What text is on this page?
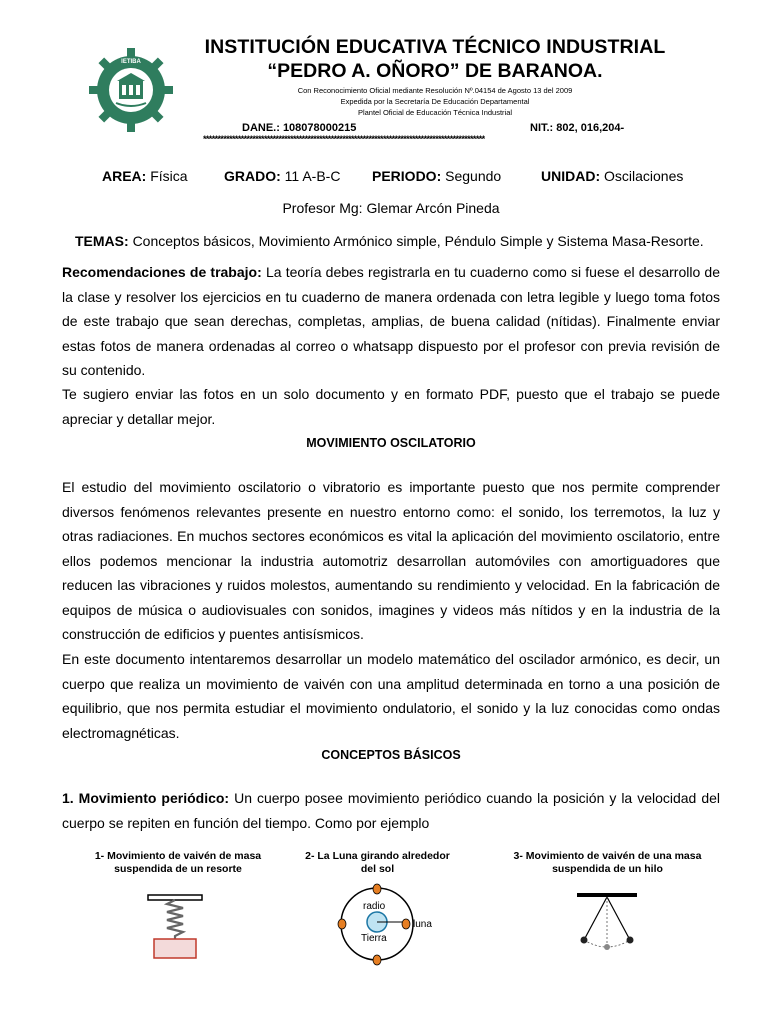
IETIBA
INSTITUCIÓN EDUCATIVA TÉCNICO INDUSTRIAL
“PEDRO A. OÑORO” DE BARANOA.
Con Reconocimiento Oficial mediante Resolución Nº.04154 de Agosto 13 del 2009
Expedida por la Secretaría De Educación Departamental
Plantel Oficial de Educación Técnica Industrial
DANE.: 108078000215	NIT.: 802, 016,204-
*************************************************************************************************
AREA: Física	GRADO: 11 A-B-C PERIODO: Segundo	UNIDAD: Oscilaciones
Profesor Mg: Glemar Arcón Pineda
TEMAS: Conceptos básicos, Movimiento Armónico simple, Péndulo Simple y Sistema Masa-Resorte.
Recomendaciones de trabajo: La teoría debes registrarla en tu cuaderno como si fuese el desarrollo de la clase y resolver los ejercicios en tu cuaderno de manera ordenada con letra legible y luego toma fotos de este trabajo que sean derechas, completas, amplias, de buena calidad (nítidas). Finalmente enviar estas fotos de manera ordenadas al correo o whatsapp dispuesto por el profesor con previa revisión de su contenido.
Te sugiero enviar las fotos en un solo documento y en formato PDF, puesto que el trabajo se puede apreciar y detallar mejor.
MOVIMIENTO OSCILATORIO
El estudio del movimiento oscilatorio o vibratorio es importante puesto que nos permite comprender diversos fenómenos relevantes presente en nuestro entorno como: el sonido, los terremotos, la luz y otras radiaciones. En muchos sectores económicos es vital la aplicación del movimiento oscilatorio, entre ellos podemos mencionar la industria automotriz desarrollan automóviles con amortiguadores que reducen las vibraciones y ruidos molestos, aumentando su rendimiento y velocidad. En la fabricación de equipos de música o audiovisuales con sonidos, imagines y videos más nítidos y en la industria de la construcción de edificios y puentes antisísmicos.
En este documento intentaremos desarrollar un modelo matemático del oscilador armónico, es decir, un cuerpo que realiza un movimiento de vaivén con una amplitud determinada en torno a una posición de equilibrio, que nos permita estudiar el movimiento ondulatorio, el sonido y la luz conocidas como ondas electromagnéticas.
CONCEPTOS BÁSICOS
1. Movimiento periódico: Un cuerpo posee movimiento periódico cuando la posición y la velocidad del cuerpo se repiten en función del tiempo. Como por ejemplo
1- Movimiento de vaivén de masa suspendida de un resorte
2- La Luna girando alrededor del sol
3- Movimiento de vaivén de una masa suspendida de un hilo
radio
Tierra
luna
